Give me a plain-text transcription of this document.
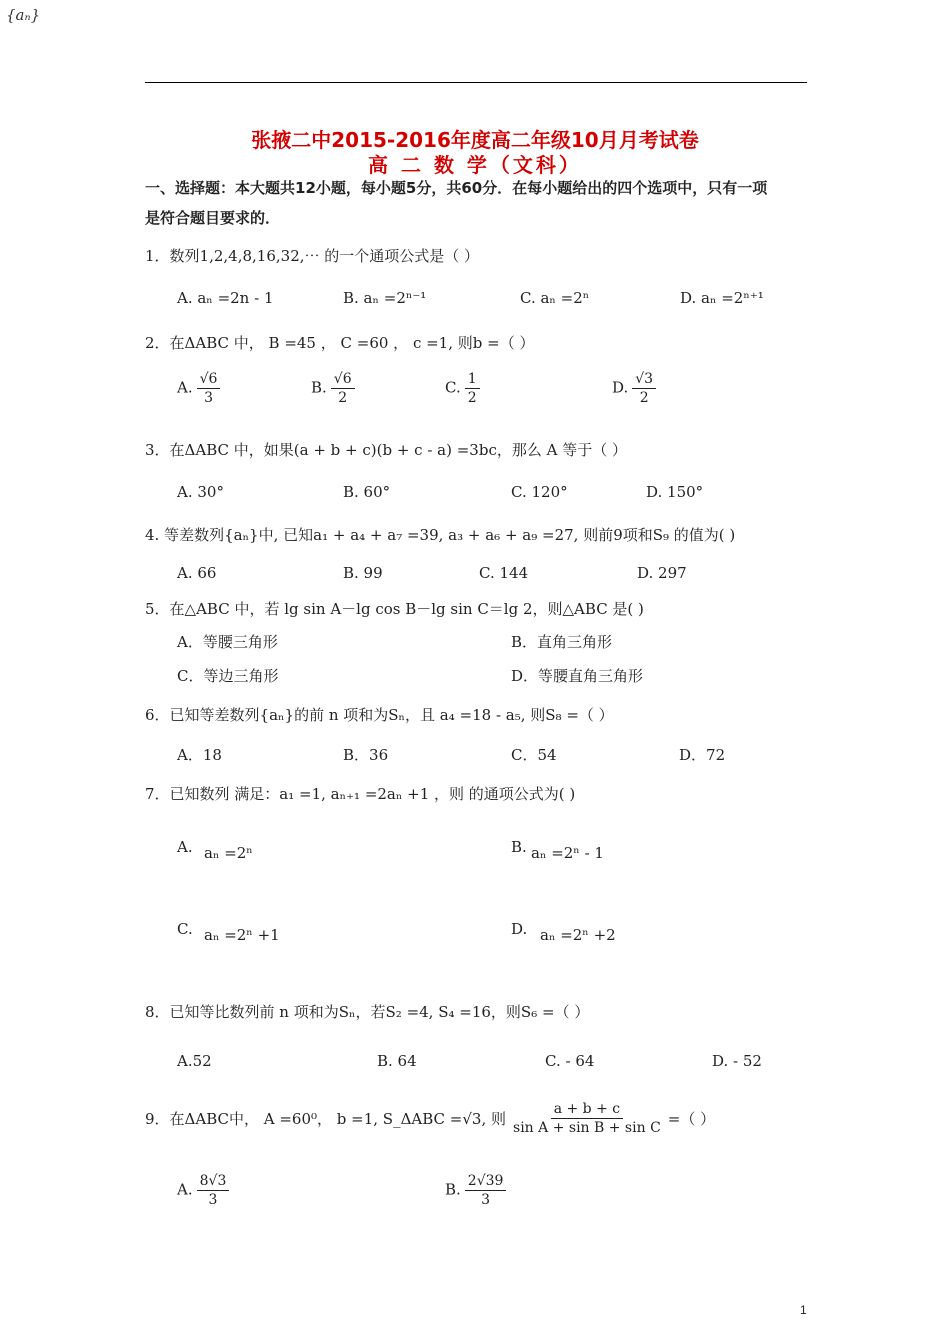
{aₙ}
张掖二中2015-2016年度高二年级10月月考试卷
高 二 数 学（文科）
一、选择题：本大题共12小题，每小题5分，共60分．在每小题给出的四个选项中，只有一项
是符合题目要求的．
1．数列1,2,4,8,16,32,⋯ 的一个通项公式是（ ）
A. aₙ =2n - 1	B. aₙ =2ⁿ⁻¹	C. aₙ =2ⁿ	D. aₙ =2ⁿ⁺¹
2．在ΔABC 中， B =45 ， C =60 ， c =1, 则b =（ ）
A. $\frac{√6}{3}$	B. $\frac{√6}{2}$	C. $\frac{1}{2}$	D. $\frac{√3}{2}$
3．在ΔABC 中，如果(a + b + c)(b + c - a) =3bc，那么 A 等于（ ）
A. 30°	B. 60°	C. 120°	D. 150°
4. 等差数列{aₙ}中, 已知a₁ + a₄ + a₇ =39, a₃ + a₆ + a₉ =27, 则前9项和S₉ 的值为( )
A. 66	B. 99	C. 144	D. 297
5．在△ABC 中，若 lg sin A－lg cos B－lg sin C＝lg 2，则△ABC 是( )
A．等腰三角形	B．直角三角形
C．等边三角形	D．等腰直角三角形
6．已知等差数列{aₙ}的前 n 项和为Sₙ，且 a₄ =18 - a₅, 则S₈ =（ ）
A．18	B．36	C．54	D．72
7．已知数列 满足：a₁ =1, aₙ₊₁ =2aₙ +1 ，则 的通项公式为( )
A. aₙ =2ⁿ	B. aₙ =2ⁿ - 1
C. aₙ =2ⁿ +1	D. aₙ =2ⁿ +2
8．已知等比数列前 n 项和为Sₙ，若S₂ =4, S₄ =16，则S₆ =（ ）
A.52	B. 64	C. - 64	D. - 52
9．在ΔABC中， A =60⁰， b =1, S_ΔABC =√3, 则 $\frac{a + b + c}{\text{sin A + sin B + sin C}}$ =（ ）
A. $\frac{8√3}{3}$	B. $\frac{2√39}{3}$
1
